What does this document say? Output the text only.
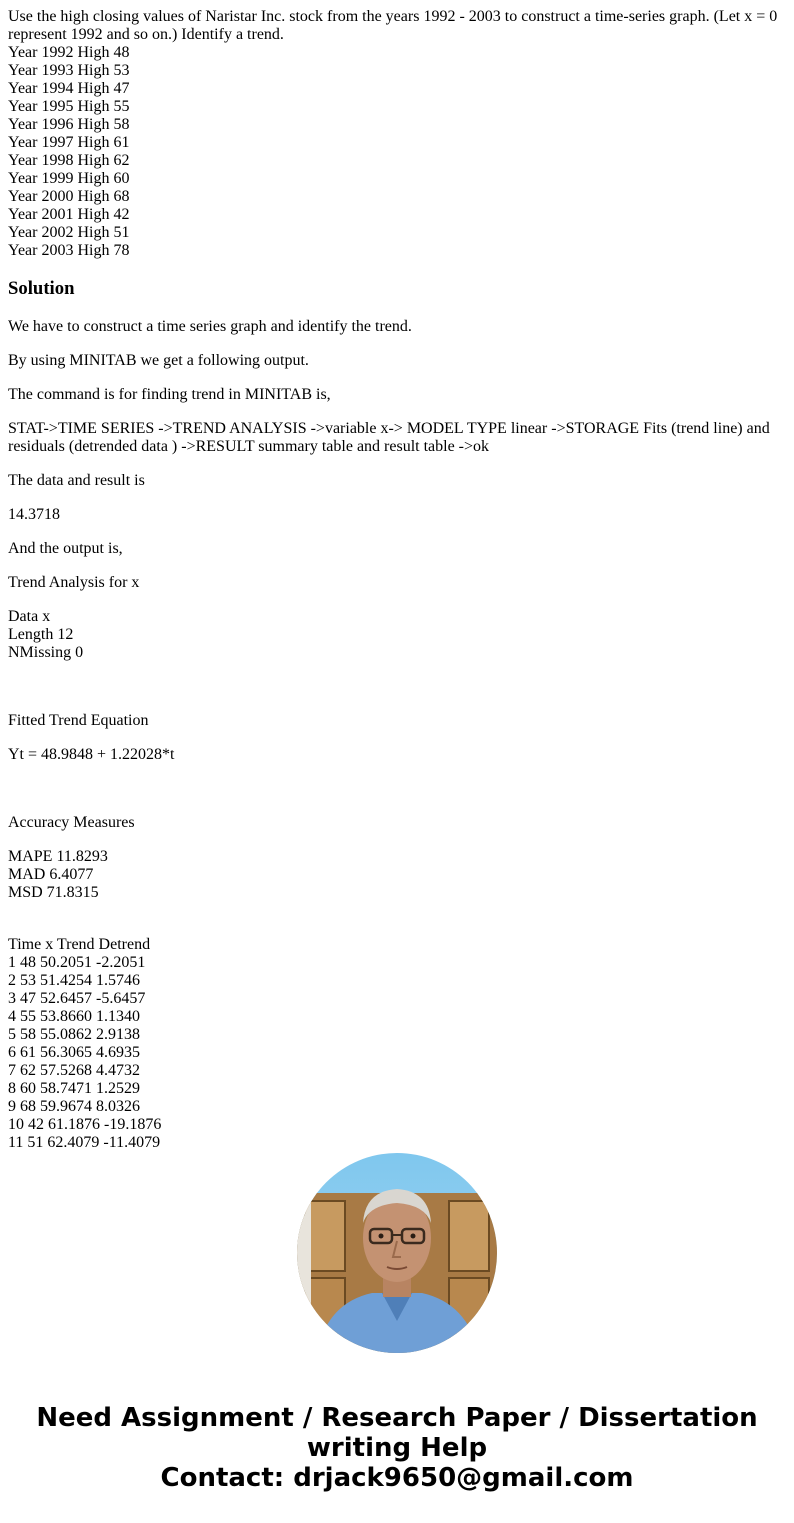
Use the high closing values of Naristar Inc. stock from the years 1992 - 2003 to construct a time-series graph. (Let x = 0 represent 1992 and so on.) Identify a trend.
Year 1992 High 48
Year 1993 High 53
Year 1994 High 47
Year 1995 High 55
Year 1996 High 58
Year 1997 High 61
Year 1998 High 62
Year 1999 High 60
Year 2000 High 68
Year 2001 High 42
Year 2002 High 51
Year 2003 High 78
Solution

We have to construct a time series graph and identify the trend.

By using MINITAB we get a following output.

The command is for finding trend in MINITAB is,

STAT->TIME SERIES ->TREND ANALYSIS ->variable x-> MODEL TYPE linear ->STORAGE Fits (trend line) and residuals (detrended data ) ->RESULT summary table and result table ->ok

The data and result is

14.3718

And the output is,

Trend Analysis for x

Data x
Length 12
NMissing 0

Fitted Trend Equation

Yt = 48.9848 + 1.22028*t

Accuracy Measures

MAPE 11.8293
MAD 6.4077
MSD 71.8315

Time x Trend Detrend
1 48 50.2051 -2.2051
2 53 51.4254 1.5746
3 47 52.6457 -5.6457
4 55 53.8660 1.1340
5 58 55.0862 2.9138
6 61 56.3065 4.6935
7 62 57.5268 4.4732
8 60 58.7471 1.2529
9 68 59.9674 8.0326
10 42 61.1876 -19.1876
11 51 62.4079 -11.4079
Need Assignment / Research Paper / Dissertation
writing Help
Contact: drjack9650@gmail.com
